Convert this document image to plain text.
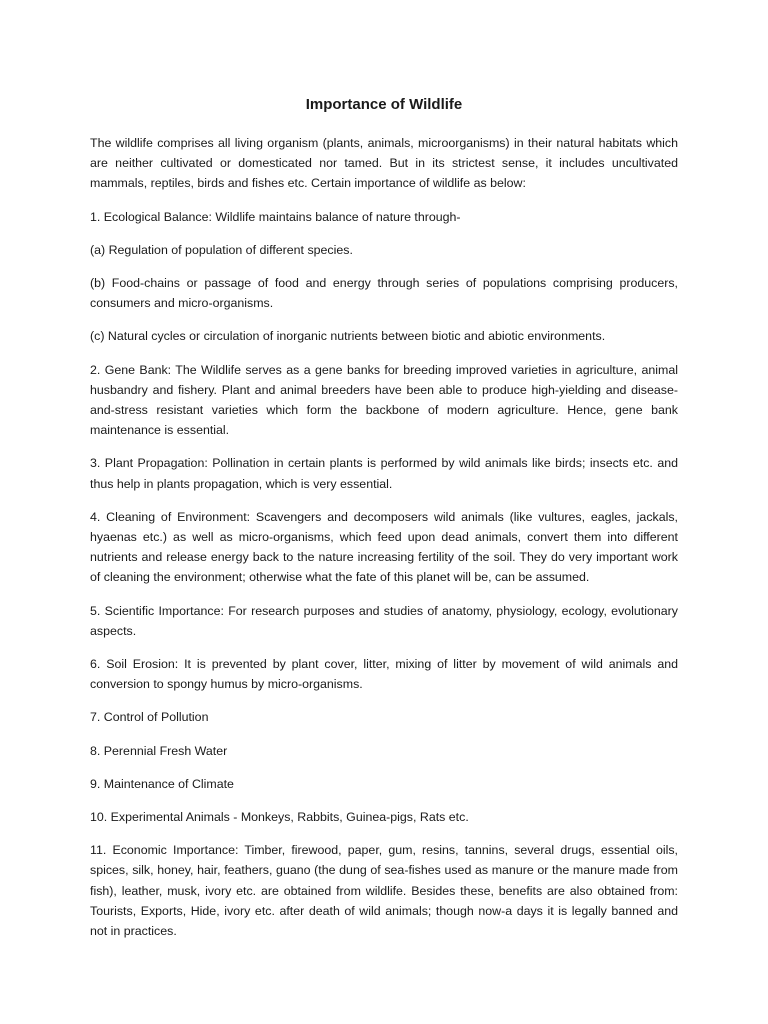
Importance of Wildlife

The wildlife comprises all living organism (plants, animals, microorganisms) in their natural habitats which are neither cultivated or domesticated nor tamed. But in its strictest sense, it includes uncultivated mammals, reptiles, birds and fishes etc. Certain importance of wildlife as below:

1. Ecological Balance: Wildlife maintains balance of nature through-

(a) Regulation of population of different species.

(b) Food-chains or passage of food and energy through series of populations comprising producers, consumers and micro-organisms.

(c) Natural cycles or circulation of inorganic nutrients between biotic and abiotic environments.

2. Gene Bank: The Wildlife serves as a gene banks for breeding improved varieties in agriculture, animal husbandry and fishery. Plant and animal breeders have been able to produce high-yielding and disease-and-stress resistant varieties which form the backbone of modern agriculture. Hence, gene bank maintenance is essential.

3. Plant Propagation: Pollination in certain plants is performed by wild animals like birds; insects etc. and thus help in plants propagation, which is very essential.

4. Cleaning of Environment: Scavengers and decomposers wild animals (like vultures, eagles, jackals, hyaenas etc.) as well as micro-organisms, which feed upon dead animals, convert them into different nutrients and release energy back to the nature increasing fertility of the soil. They do very important work of cleaning the environment; otherwise what the fate of this planet will be, can be assumed.

5. Scientific Importance: For research purposes and studies of anatomy, physiology, ecology, evolutionary aspects.

6. Soil Erosion: It is prevented by plant cover, litter, mixing of litter by movement of wild animals and conversion to spongy humus by micro-organisms.

7. Control of Pollution

8. Perennial Fresh Water

9. Maintenance of Climate

10. Experimental Animals - Monkeys, Rabbits, Guinea-pigs, Rats etc.

11. Economic Importance: Timber, firewood, paper, gum, resins, tannins, several drugs, essential oils, spices, silk, honey, hair, feathers, guano (the dung of sea-fishes used as manure or the manure made from fish), leather, musk, ivory etc. are obtained from wildlife. Besides these, benefits are also obtained from: Tourists, Exports, Hide, ivory etc. after death of wild animals; though now-a days it is legally banned and not in practices.
